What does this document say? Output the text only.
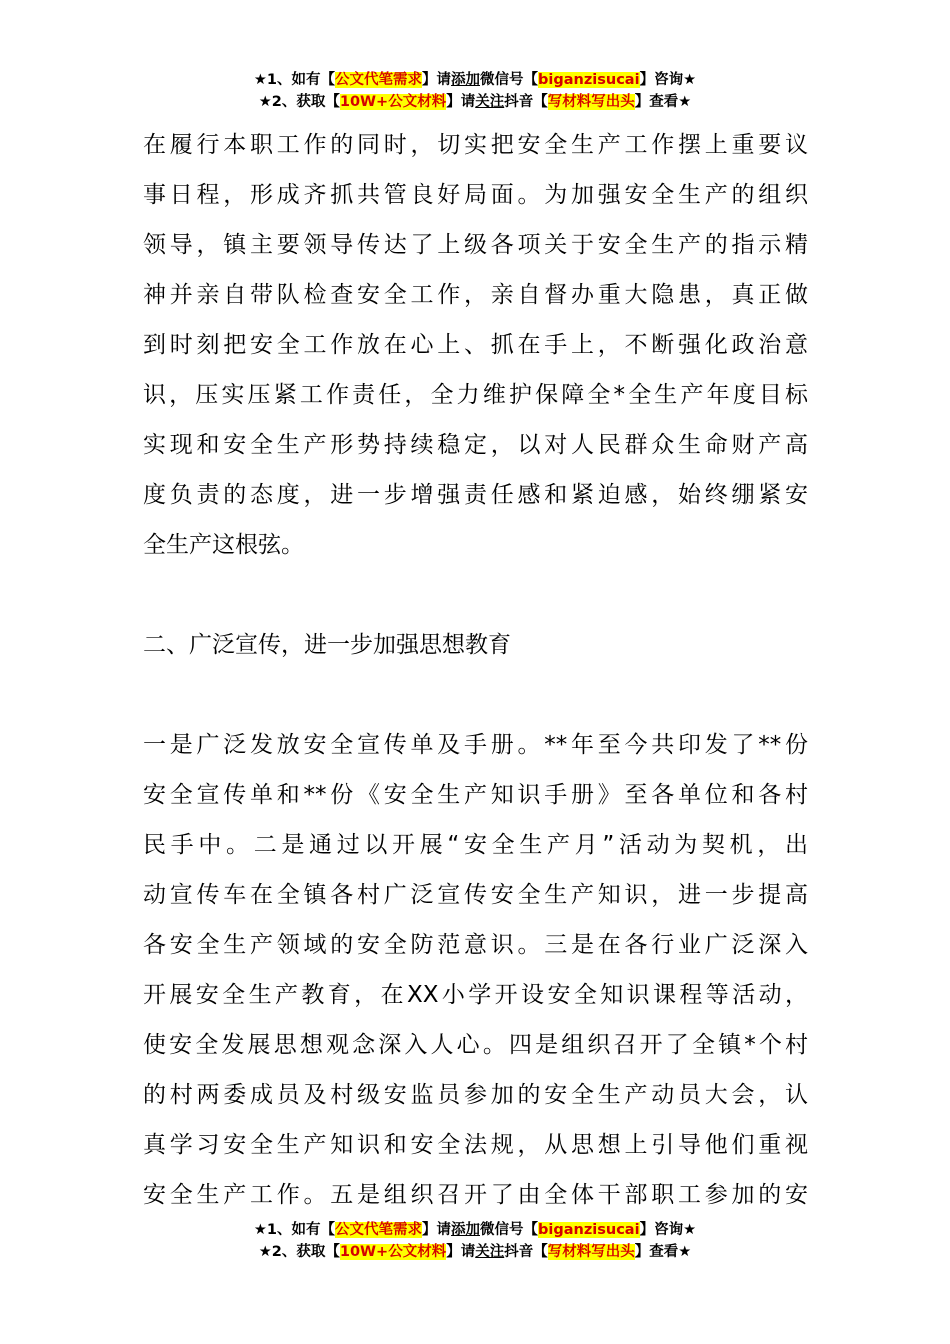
★1、如有【公文代笔需求】请添加微信号【biganzisucai】咨询★
★2、获取【10W+公文材料】请关注抖音【写材料写出头】查看★
在履行本职工作的同时，切实把安全生产工作摆上重要议
事日程，形成齐抓共管良好局面。为加强安全生产的组织
领导，镇主要领导传达了上级各项关于安全生产的指示精
神并亲自带队检查安全工作，亲自督办重大隐患，真正做
到时刻把安全工作放在心上、抓在手上，不断强化政治意
识，压实压紧工作责任，全力维护保障全*全生产年度目标
实现和安全生产形势持续稳定，以对人民群众生命财产高
度负责的态度，进一步增强责任感和紧迫感，始终绷紧安
全生产这根弦。
二、广泛宣传，进一步加强思想教育
一是广泛发放安全宣传单及手册。**年至今共印发了**份
安全宣传单和**份《安全生产知识手册》至各单位和各村
民手中。二是通过以开展“安全生产月”活动为契机，出
动宣传车在全镇各村广泛宣传安全生产知识，进一步提高
各安全生产领域的安全防范意识。三是在各行业广泛深入
开展安全生产教育，在XX小学开设安全知识课程等活动，
使安全发展思想观念深入人心。四是组织召开了全镇*个村
的村两委成员及村级安监员参加的安全生产动员大会，认
真学习安全生产知识和安全法规，从思想上引导他们重视
安全生产工作。五是组织召开了由全体干部职工参加的安
★1、如有【公文代笔需求】请添加微信号【biganzisucai】咨询★
★2、获取【10W+公文材料】请关注抖音【写材料写出头】查看★
